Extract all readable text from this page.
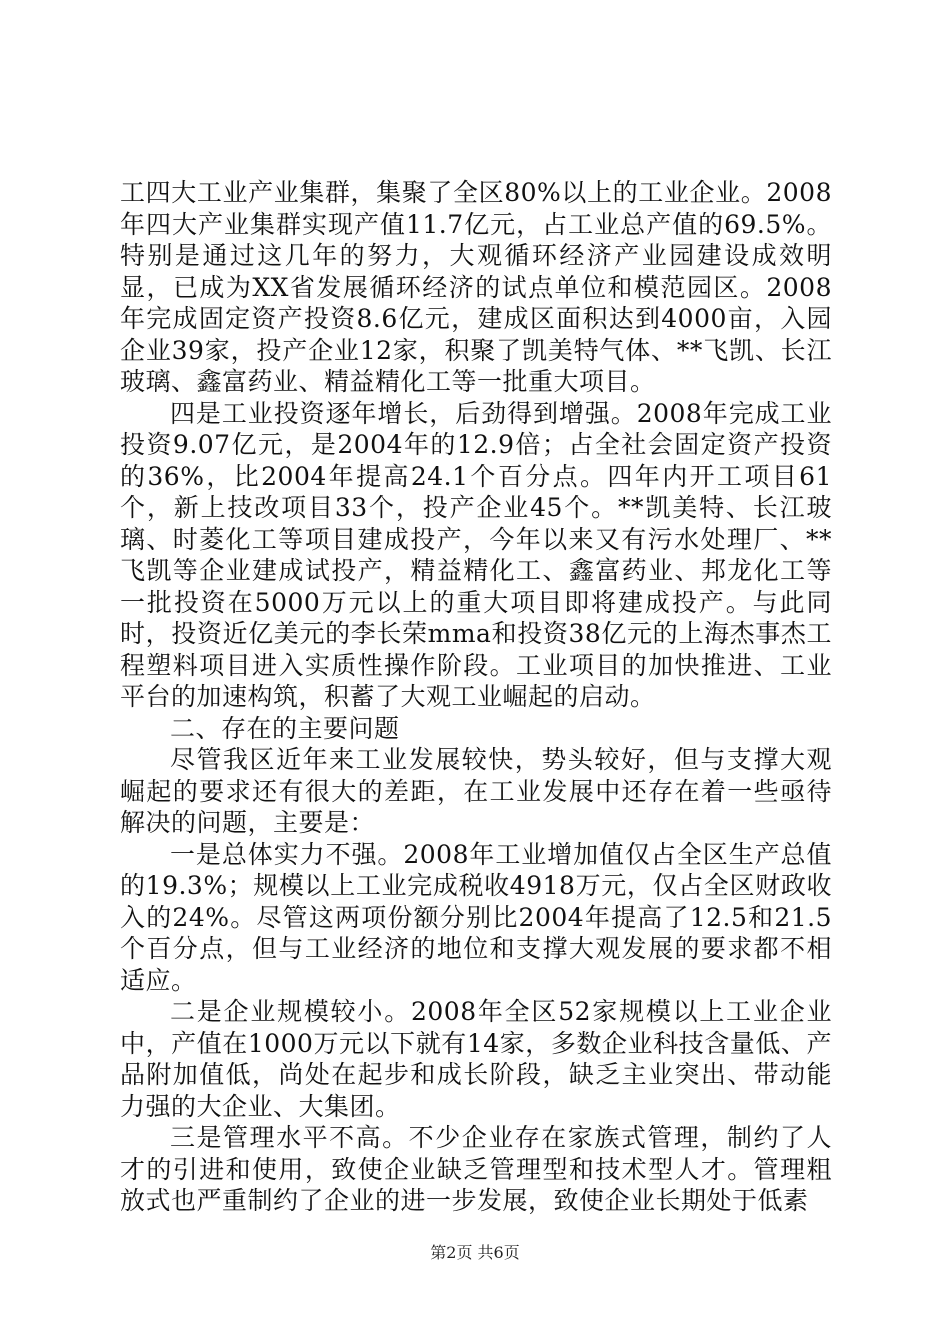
工四大工业产业集群，集聚了全区80%以上的工业企业。2008年四大产业集群实现产值11.7亿元，占工业总产值的69.5%。特别是通过这几年的努力，大观循环经济产业园建设成效明显，已成为XX省发展循环经济的试点单位和模范园区。2008年完成固定资产投资8.6亿元，建成区面积达到4000亩，入园企业39家，投产企业12家，积聚了凯美特气体、**飞凯、长江玻璃、鑫富药业、精益精化工等一批重大项目。

四是工业投资逐年增长，后劲得到增强。2008年完成工业投资9.07亿元，是2004年的12.9倍；占全社会固定资产投资的36%，比2004年提高24.1个百分点。四年内开工项目61个，新上技改项目33个，投产企业45个。**凯美特、长江玻璃、时菱化工等项目建成投产，今年以来又有污水处理厂、**飞凯等企业建成试投产，精益精化工、鑫富药业、邦龙化工等一批投资在5000万元以上的重大项目即将建成投产。与此同时，投资近亿美元的李长荣mma和投资38亿元的上海杰事杰工程塑料项目进入实质性操作阶段。工业项目的加快推进、工业平台的加速构筑，积蓄了大观工业崛起的启动。

二、存在的主要问题

尽管我区近年来工业发展较快，势头较好，但与支撑大观崛起的要求还有很大的差距，在工业发展中还存在着一些亟待解决的问题，主要是：

一是总体实力不强。2008年工业增加值仅占全区生产总值的19.3%；规模以上工业完成税收4918万元，仅占全区财政收入的24%。尽管这两项份额分别比2004年提高了12.5和21.5个百分点，但与工业经济的地位和支撑大观发展的要求都不相适应。

二是企业规模较小。2008年全区52家规模以上工业企业中，产值在1000万元以下就有14家，多数企业科技含量低、产品附加值低，尚处在起步和成长阶段，缺乏主业突出、带动能力强的大企业、大集团。

三是管理水平不高。不少企业存在家族式管理，制约了人才的引进和使用，致使企业缺乏管理型和技术型人才。管理粗放式也严重制约了企业的进一步发展，致使企业长期处于低素

第2页 共6页
